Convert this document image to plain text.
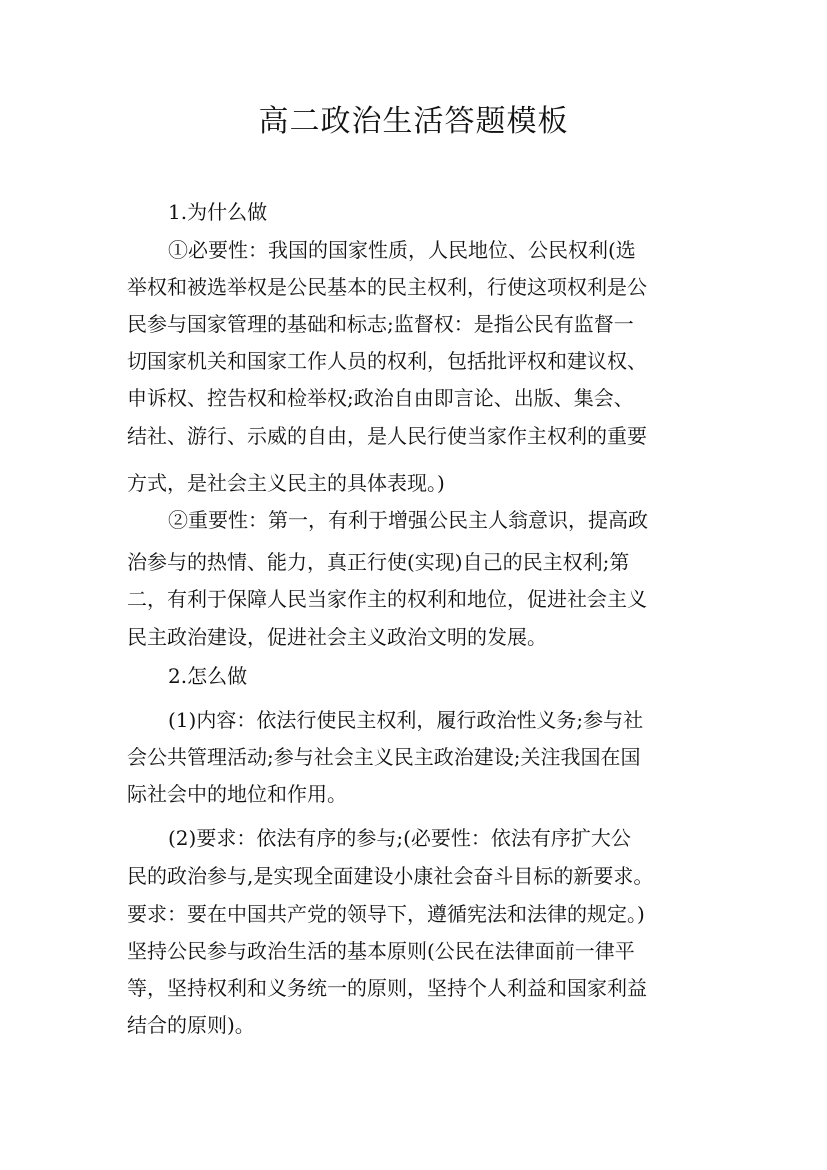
高二政治生活答题模板
1.为什么做
①必要性：我国的国家性质，人民地位、公民权利(选
举权和被选举权是公民基本的民主权利，行使这项权利是公
民参与国家管理的基础和标志;监督权：是指公民有监督一
切国家机关和国家工作人员的权利，包括批评权和建议权、
申诉权、控告权和检举权;政治自由即言论、出版、集会、
结社、游行、示威的自由，是人民行使当家作主权利的重要
方式，是社会主义民主的具体表现。)
②重要性：第一，有利于增强公民主人翁意识，提高政
治参与的热情、能力，真正行使(实现)自己的民主权利;第
二，有利于保障人民当家作主的权利和地位，促进社会主义
民主政治建设，促进社会主义政治文明的发展。
2.怎么做
(1)内容：依法行使民主权利，履行政治性义务;参与社
会公共管理活动;参与社会主义民主政治建设;关注我国在国
际社会中的地位和作用。
(2)要求：依法有序的参与;(必要性：依法有序扩大公
民的政治参与,是实现全面建设小康社会奋斗目标的新要求。
要求：要在中国共产党的领导下，遵循宪法和法律的规定。)
坚持公民参与政治生活的基本原则(公民在法律面前一律平
等，坚持权利和义务统一的原则，坚持个人利益和国家利益
结合的原则)。
